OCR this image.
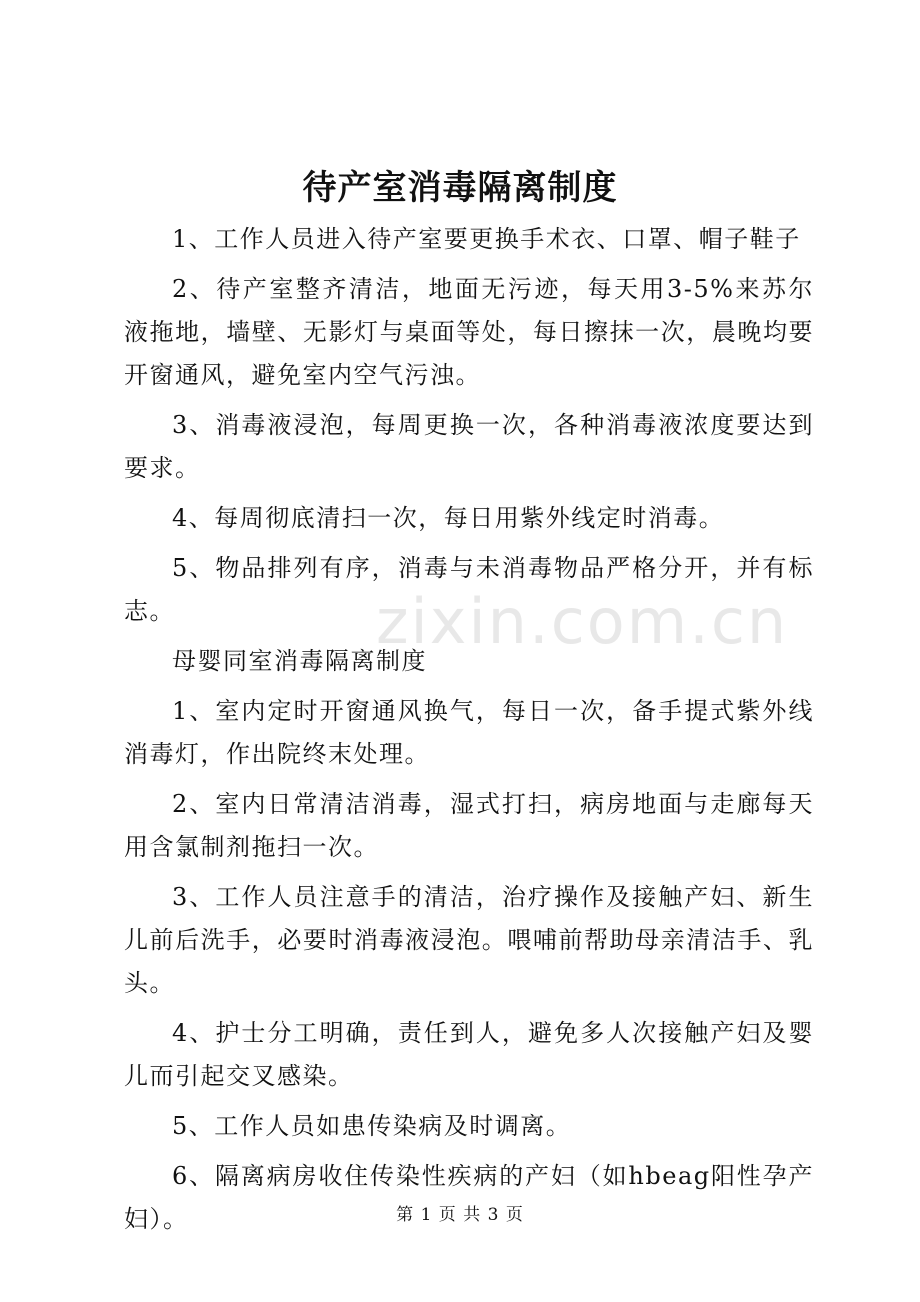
zixin.com.cn
待产室消毒隔离制度

1、工作人员进入待产室要更换手术衣、口罩、帽子鞋子

2、待产室整齐清洁，地面无污迹，每天用3-5%来苏尔液拖地，墙壁、无影灯与桌面等处，每日擦抹一次，晨晚均要开窗通风，避免室内空气污浊。

3、消毒液浸泡，每周更换一次，各种消毒液浓度要达到要求。

4、每周彻底清扫一次，每日用紫外线定时消毒。

5、物品排列有序，消毒与未消毒物品严格分开，并有标志。

母婴同室消毒隔离制度

1、室内定时开窗通风换气，每日一次，备手提式紫外线消毒灯，作出院终末处理。

2、室内日常清洁消毒，湿式打扫，病房地面与走廊每天用含氯制剂拖扫一次。

3、工作人员注意手的清洁，治疗操作及接触产妇、新生儿前后洗手，必要时消毒液浸泡。喂哺前帮助母亲清洁手、乳头。

4、护士分工明确，责任到人，避免多人次接触产妇及婴儿而引起交叉感染。

5、工作人员如患传染病及时调离。

6、隔离病房收住传染性疾病的产妇（如hbeag阳性孕产妇）。	第 1 页 共 3 页
